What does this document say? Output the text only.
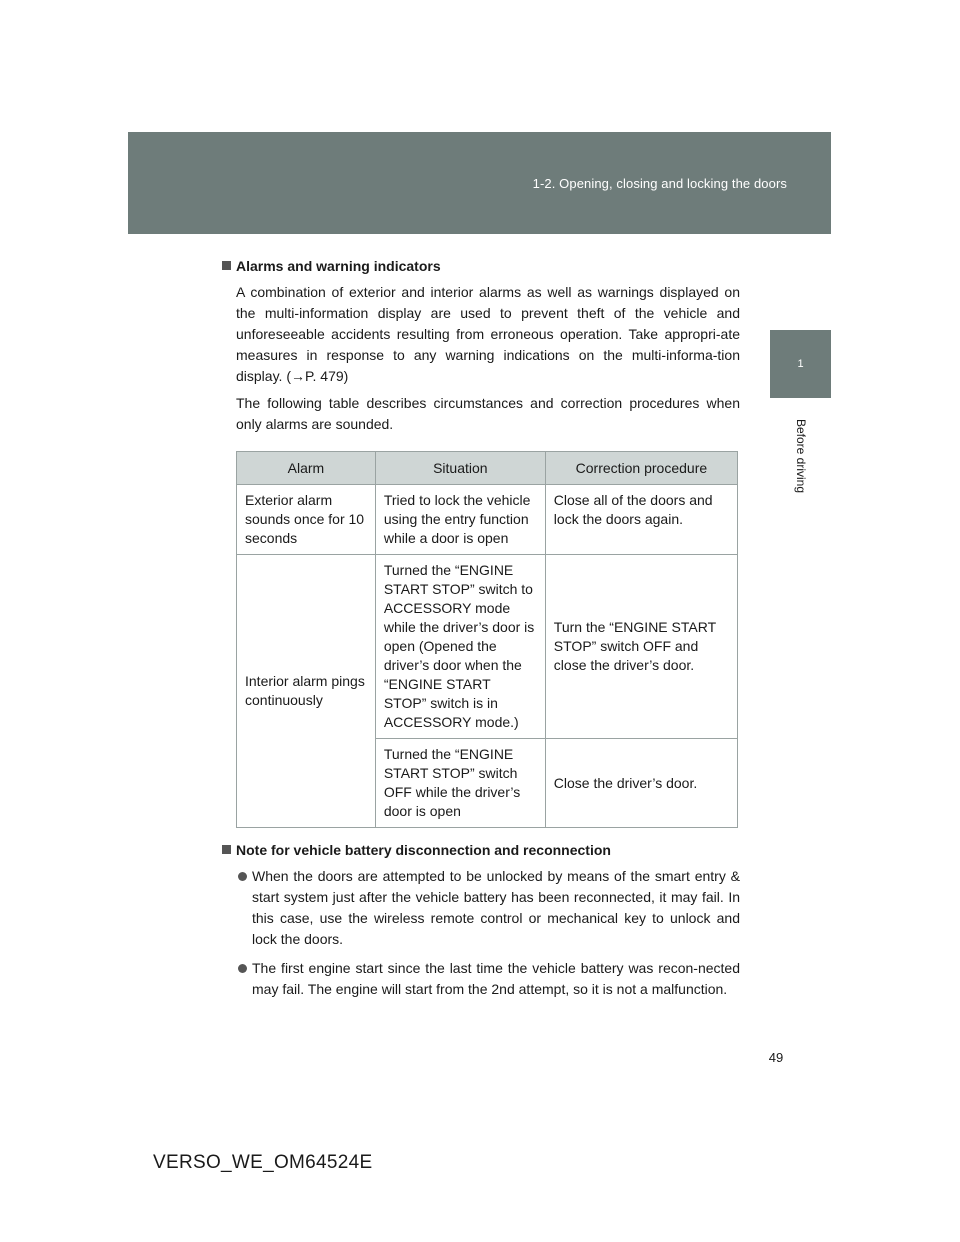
1-2. Opening, closing and locking the doors
1
Before driving
Alarms and warning indicators

A combination of exterior and interior alarms as well as warnings displayed on the multi-information display are used to prevent theft of the vehicle and unforeseeable accidents resulting from erroneous operation. Take appropri-ate measures in response to any warning indications on the multi-informa-tion display. (→P. 479)

The following table describes circumstances and correction procedures when only alarms are sounded.

Alarm	Situation	Correction procedure
Exterior alarm sounds once for 10 seconds	Tried to lock the vehicle using the entry function while a door is open	Close all of the doors and lock the doors again.
Interior alarm pings continuously	Turned the “ENGINE START STOP” switch to ACCESSORY mode while the driver’s door is open (Opened the driver’s door when the “ENGINE START STOP” switch is in ACCESSORY mode.)	Turn the “ENGINE START STOP” switch OFF and close the driver’s door.
	Turned the “ENGINE START STOP” switch OFF while the driver’s door is open	Close the driver’s door.
Note for vehicle battery disconnection and reconnection
When the doors are attempted to be unlocked by means of the smart entry & start system just after the vehicle battery has been reconnected, it may fail. In this case, use the wireless remote control or mechanical key to unlock and lock the doors.
The first engine start since the last time the vehicle battery was recon-nected may fail. The engine will start from the 2nd attempt, so it is not a malfunction.
49
VERSO_WE_OM64524E
